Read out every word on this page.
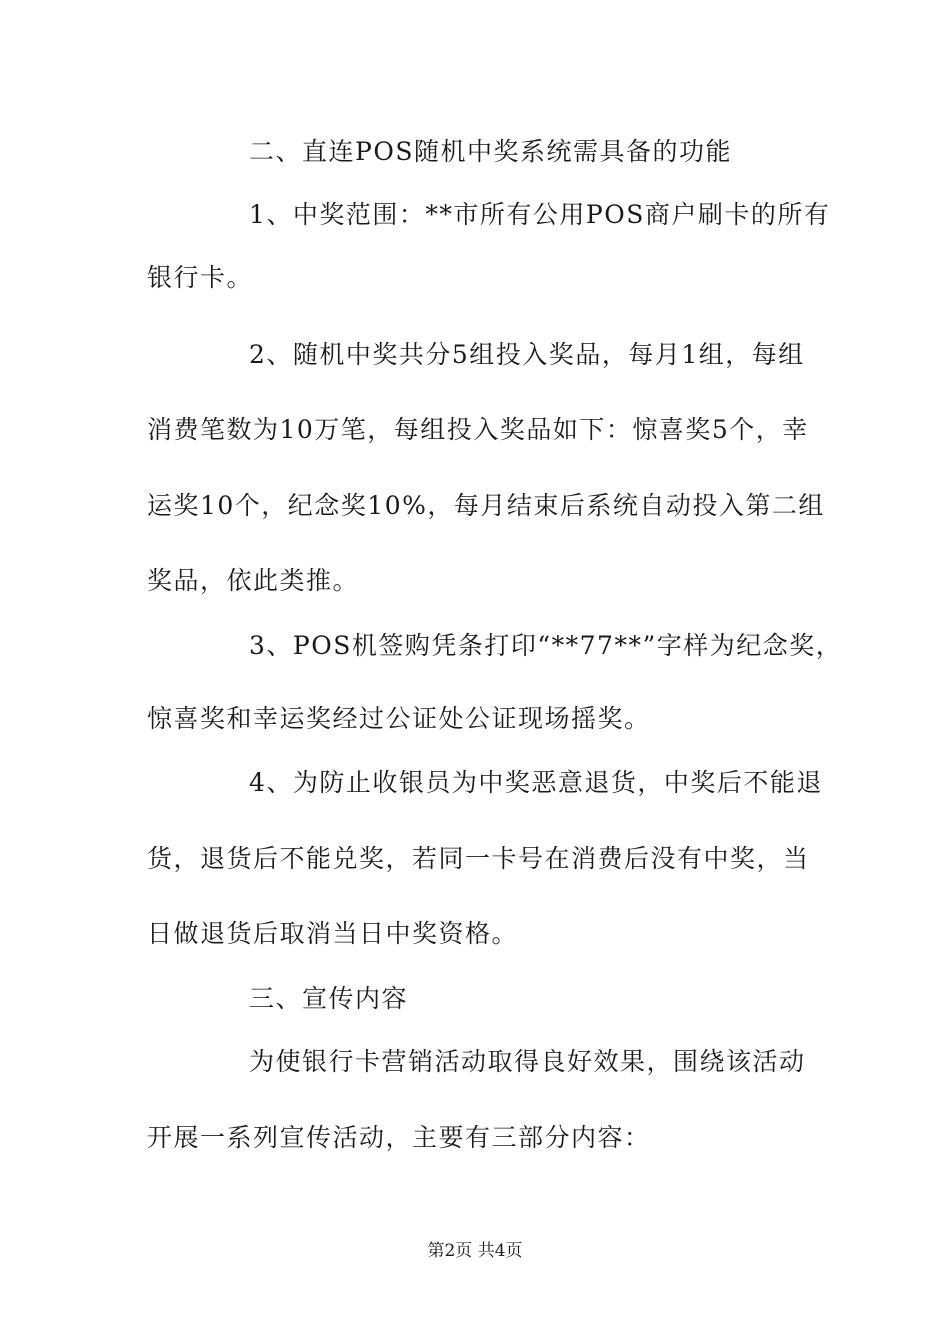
二、直连POS随机中奖系统需具备的功能
1、中奖范围：**市所有公用POS商户刷卡的所有
银行卡。
2、随机中奖共分5组投入奖品，每月1组，每组
消费笔数为10万笔，每组投入奖品如下：惊喜奖5个，幸
运奖10个，纪念奖10%，每月结束后系统自动投入第二组
奖品，依此类推。
3、POS机签购凭条打印“**77**”字样为纪念奖，
惊喜奖和幸运奖经过公证处公证现场摇奖。
4、为防止收银员为中奖恶意退货，中奖后不能退
货，退货后不能兑奖，若同一卡号在消费后没有中奖，当
日做退货后取消当日中奖资格。
三、宣传内容
为使银行卡营销活动取得良好效果，围绕该活动
开展一系列宣传活动，主要有三部分内容：
第2页 共4页
